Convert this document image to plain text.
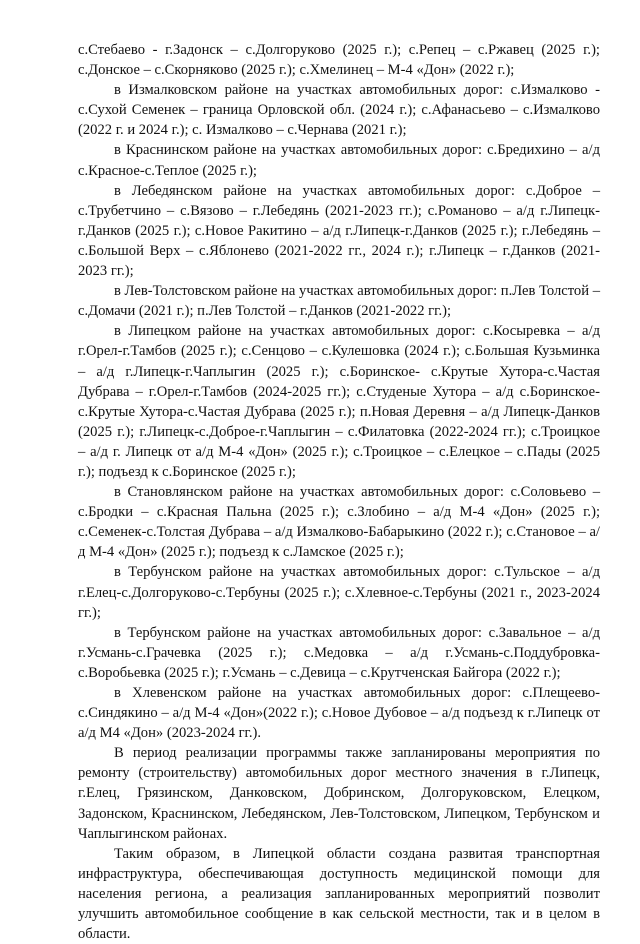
с.Стебаево - г.Задонск – с.Долгоруково (2025 г.); с.Репец – с.Ржавец (2025 г.); с.Донское – с.Скорняково (2025 г.); с.Хмелинец – М-4 «Дон» (2022 г.);

в Измалковском районе на участках автомобильных дорог: с.Измалково - с.Сухой Семенек – граница Орловской обл. (2024 г.); с.Афанасьево – с.Измалково (2022 г. и 2024 г.); с. Измалково – с.Чернава (2021 г.);

в Краснинском районе на участках автомобильных дорог: с.Бредихино – а/д с.Красное-с.Теплое (2025 г.);

в Лебедянском районе на участках автомобильных дорог: с.Доброе – с.Трубетчино – с.Вязово – г.Лебедянь (2021-2023 гг.); с.Романово – а/д г.Липецк-г.Данков (2025 г.); с.Новое Ракитино – а/д г.Липецк-г.Данков (2025 г.); г.Лебедянь – с.Большой Верх – с.Яблонево (2021-2022 гг., 2024 г.); г.Липецк – г.Данков (2021-2023 гг.);

в Лев-Толстовском районе на участках автомобильных дорог: п.Лев Толстой – с.Домачи (2021 г.); п.Лев Толстой – г.Данков (2021-2022 гг.);

в Липецком районе на участках автомобильных дорог: с.Косыревка – а/д г.Орел-г.Тамбов (2025 г.); с.Сенцово – с.Кулешовка (2024 г.); с.Большая Кузьминка – а/д г.Липецк-г.Чаплыгин (2025 г.); с.Боринское- с.Крутые Хутора-с.Частая Дубрава – г.Орел-г.Тамбов (2024-2025 гг.); с.Студеные Хутора – а/д с.Боринское-с.Крутые Хутора-с.Частая Дубрава (2025 г.); п.Новая Деревня – а/д Липецк-Данков (2025 г.); г.Липецк-с.Доброе-г.Чаплыгин – с.Филатовка (2022-2024 гг.); с.Троицкое – а/д г. Липецк от а/д М-4 «Дон» (2025 г.); с.Троицкое – с.Елецкое – с.Пады (2025 г.); подъезд к с.Боринское (2025 г.);

в Становлянском районе на участках автомобильных дорог: с.Соловьево – с.Бродки – с.Красная Пальна (2025 г.); с.Злобино – а/д М-4 «Дон» (2025 г.); с.Семенек-с.Толстая Дубрава – а/д Измалково-Бабарыкино (2022 г.); с.Становое – а/д М-4 «Дон» (2025 г.); подъезд к с.Ламское (2025 г.);

в Тербунском районе на участках автомобильных дорог: с.Тульское – а/д г.Елец-с.Долгоруково-с.Тербуны (2025 г.); с.Хлевное-с.Тербуны (2021 г., 2023-2024 гг.);

в Тербунском районе на участках автомобильных дорог: с.Завальное – а/д г.Усмань-с.Грачевка (2025 г.); с.Медовка – а/д г.Усмань-с.Поддубровка-с.Воробьевка (2025 г.); г.Усмань – с.Девица – с.Крутченская Байгора (2022 г.);

в Хлевенском районе на участках автомобильных дорог: с.Плещеево-с.Синдякино – а/д М-4 «Дон»(2022 г.); с.Новое Дубовое – а/д подъезд к г.Липецк от а/д М4 «Дон» (2023-2024 гг.).

В период реализации программы также запланированы мероприятия по ремонту (строительству) автомобильных дорог местного значения в г.Липецк, г.Елец, Грязинском, Данковском, Добринском, Долгоруковском, Елецком, Задонском, Краснинском, Лебедянском, Лев-Толстовском, Липецком, Тербунском и Чаплыгинском районах.

Таким образом, в Липецкой области создана развитая транспортная инфраструктура, обеспечивающая доступность медицинской помощи для населения региона, а реализация запланированных мероприятий позволит улучшить автомобильное сообщение в как сельской местности, так и в целом в области.
